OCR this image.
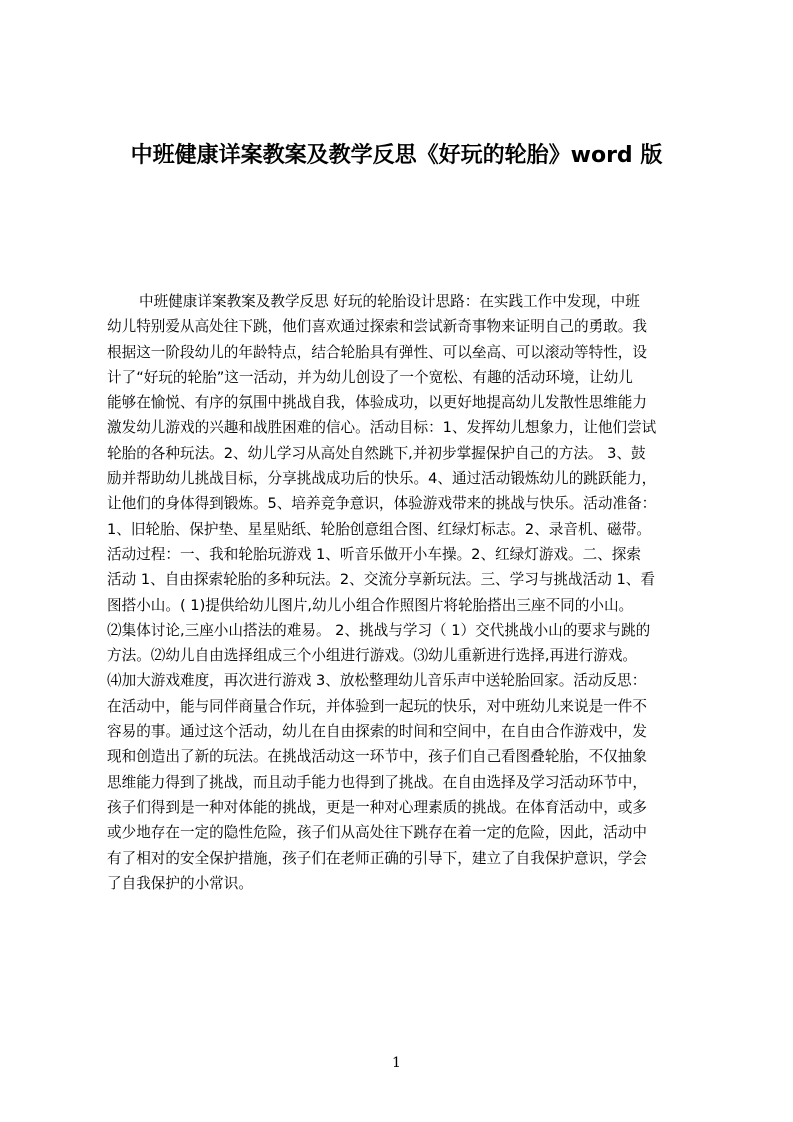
中班健康详案教案及教学反思《好玩的轮胎》word 版
中班健康详案教案及教学反思 好玩的轮胎设计思路：在实践工作中发现，中班
幼儿特别爱从高处往下跳，他们喜欢通过探索和尝试新奇事物来证明自己的勇敢。我
根据这一阶段幼儿的年龄特点，结合轮胎具有弹性、可以垒高、可以滚动等特性，设
计了“好玩的轮胎”这一活动，并为幼儿创设了一个宽松、有趣的活动环境，让幼儿
能够在愉悦、有序的氛围中挑战自我，体验成功，以更好地提高幼儿发散性思维能力
激发幼儿游戏的兴趣和战胜困难的信心。活动目标：1、发挥幼儿想象力，让他们尝试
轮胎的各种玩法。2、幼儿学习从高处自然跳下,并初步掌握保护自己的方法。 3、鼓
励并帮助幼儿挑战目标，分享挑战成功后的快乐。4、通过活动锻炼幼儿的跳跃能力，
让他们的身体得到锻炼。5、培养竞争意识，体验游戏带来的挑战与快乐。活动准备：
1、旧轮胎、保护垫、星星贴纸、轮胎创意组合图、红绿灯标志。2、录音机、磁带。
活动过程：一、我和轮胎玩游戏 1、听音乐做开小车操。2、红绿灯游戏。二、探索
活动 1、自由探索轮胎的多种玩法。2、交流分享新玩法。三、学习与挑战活动 1、看
图搭小山。( 1)提供给幼儿图片,幼儿小组合作照图片将轮胎搭出三座不同的小山。
⑵集体讨论,三座小山搭法的难易。 2、挑战与学习（ 1）交代挑战小山的要求与跳的
方法。⑵幼儿自由选择组成三个小组进行游戏。⑶幼儿重新进行选择,再进行游戏。
⑷加大游戏难度，再次进行游戏 3、放松整理幼儿音乐声中送轮胎回家。活动反思：
在活动中，能与同伴商量合作玩，并体验到一起玩的快乐，对中班幼儿来说是一件不
容易的事。通过这个活动，幼儿在自由探索的时间和空间中，在自由合作游戏中，发
现和创造出了新的玩法。在挑战活动这一环节中，孩子们自己看图叠轮胎，不仅抽象
思维能力得到了挑战，而且动手能力也得到了挑战。在自由选择及学习活动环节中，
孩子们得到是一种对体能的挑战，更是一种对心理素质的挑战。在体育活动中，或多
或少地存在一定的隐性危险，孩子们从高处往下跳存在着一定的危险，因此，活动中
有了相对的安全保护措施，孩子们在老师正确的引导下，建立了自我保护意识，学会
了自我保护的小常识。
1
